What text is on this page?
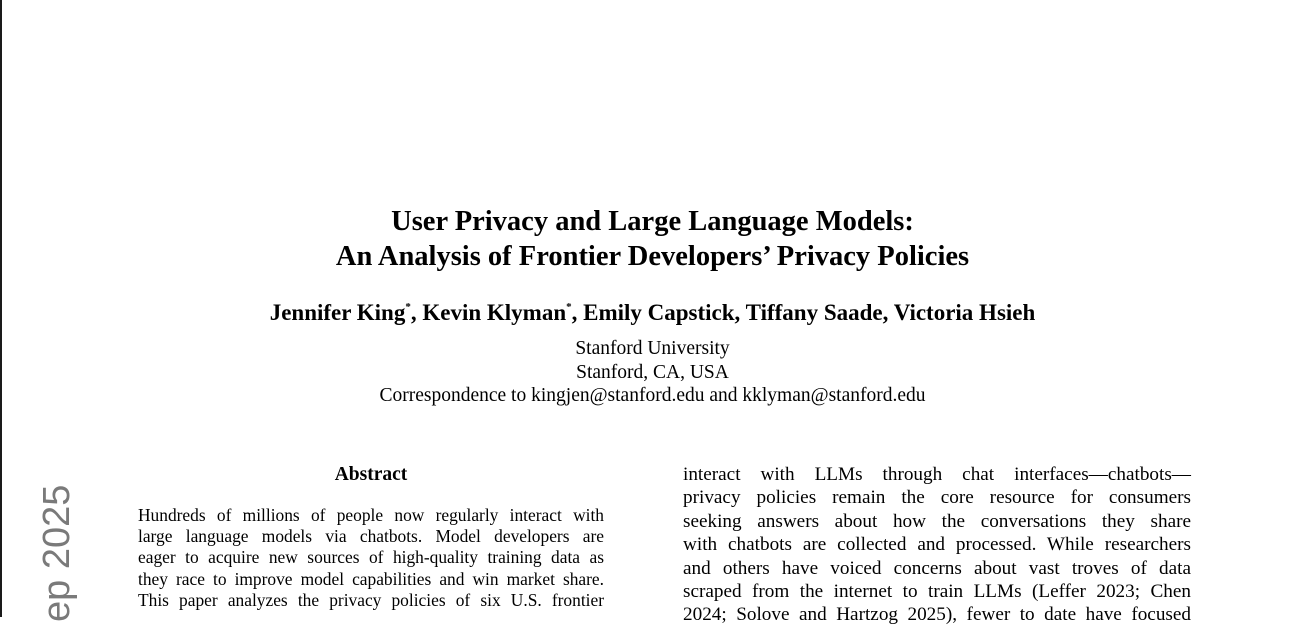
User Privacy and Large Language Models:
An Analysis of Frontier Developers’ Privacy Policies
Jennifer King*, Kevin Klyman*, Emily Capstick, Tiffany Saade, Victoria Hsieh
Stanford University
Stanford, CA, USA
Correspondence to kingjen@stanford.edu and kklyman@stanford.edu
Abstract
Hundreds of millions of people now regularly interact with
large language models via chatbots. Model developers are
eager to acquire new sources of high-quality training data as
they race to improve model capabilities and win market share.
This paper analyzes the privacy policies of six U.S. frontier
interact with LLMs through chat interfaces—chatbots—
privacy policies remain the core resource for consumers
seeking answers about how the conversations they share
with chatbots are collected and processed. While researchers
and others have voiced concerns about vast troves of data
scraped from the internet to train LLMs (Leffer 2023; Chen
2024; Solove and Hartzog 2025), fewer to date have focused
ep 2025
